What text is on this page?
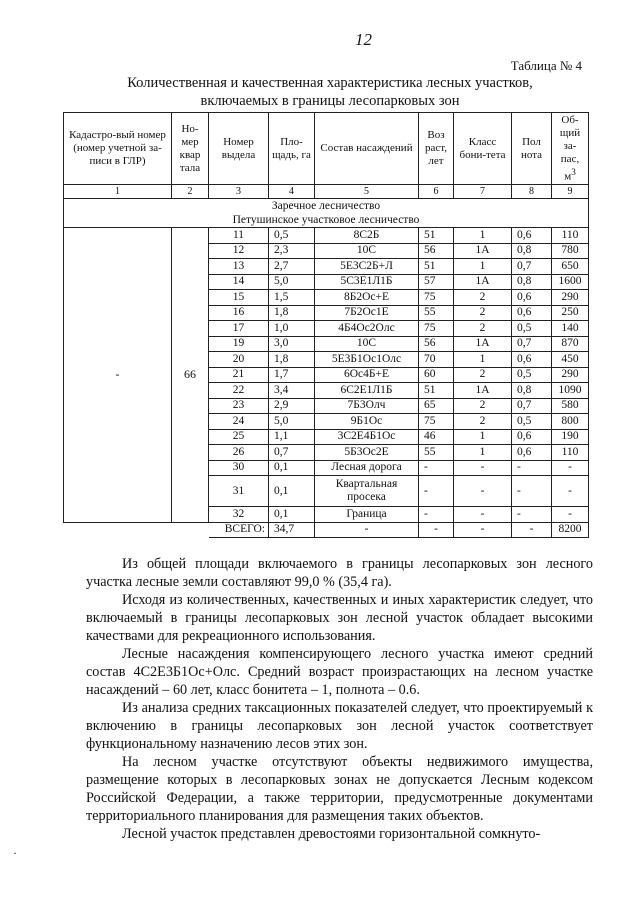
12
Таблица № 4
Количественная и качественная характеристика лесных участков,
включаемых в границы лесопарковых зон
Кадастро-вый номер (номер учетной за-писи в ГЛР)	Но-мер квар тала	Номер выдела	Пло-щадь, га	Состав насаждений	Воз раст, лет	Класс бони-тета	Пол нота	Об-щий за-пас, $м^3$
1	2	3	4	5	6	7	8	9
Заречное лесничество								
Петушинское участковое лесничество								
-	66	11	0,5	8С2Б	51	1	0,6	110
		12	2,3	10С	56	1А	0,8	780
		13	2,7	5Е3С2Б+Л	51	1	0,7	650
		14	5,0	5С3Е1Л1Б	57	1А	0,8	1600
		15	1,5	8Б2Ос+Е	75	2	0,6	290
		16	1,8	7Б2Ос1Е	55	2	0,6	250
		17	1,0	4Б4Ос2Олс	75	2	0,5	140
		19	3,0	10С	56	1А	0,7	870
		20	1,8	5Е3Б1Ос1Олс	70	1	0,6	450
		21	1,7	6Ос4Б+Е	60	2	0,5	290
		22	3,4	6С2Е1Л1Б	51	1А	0,8	1090
		23	2,9	7Б3Олч	65	2	0,7	580
		24	5,0	9Б1Ос	75	2	0,5	800
		25	1,1	3С2Е4Б1Ос	46	1	0,6	190
		26	0,7	5Б3Ос2Е	55	1	0,6	110
		30	0,1	Лесная дорога	-	-	-	-
		31	0,1	Квартальная просека	-	-	-	-
		32	0,1	Граница	-	-	-	-
		ВСЕГО:	34,7	-	-	-	-	8200

Из общей площади включаемого в границы лесопарковых зон лесного участка лесные земли составляют 99,0 % (35,4 га).

Исходя из количественных, качественных и иных характеристик следует, что включаемый в границы лесопарковых зон лесной участок обладает высокими качествами для рекреационного использования.

Лесные насаждения компенсирующего лесного участка имеют средний состав 4С2Е3Б1Ос+Олс. Средний возраст произрастающих на лесном участке насаждений – 60 лет, класс бонитета – 1, полнота – 0.6.

Из анализа средних таксационных показателей следует, что проектируемый к включению в границы лесопарковых зон лесной участок соответствует функциональному назначению лесов этих зон.

На лесном участке отсутствуют объекты недвижимого имущества, размещение которых в лесопарковых зонах не допускается Лесным кодексом Российской Федерации, а также территории, предусмотренные документами территориального планирования для размещения таких объектов.

Лесной участок представлен древостоями горизонтальной сомкнуто-

·
